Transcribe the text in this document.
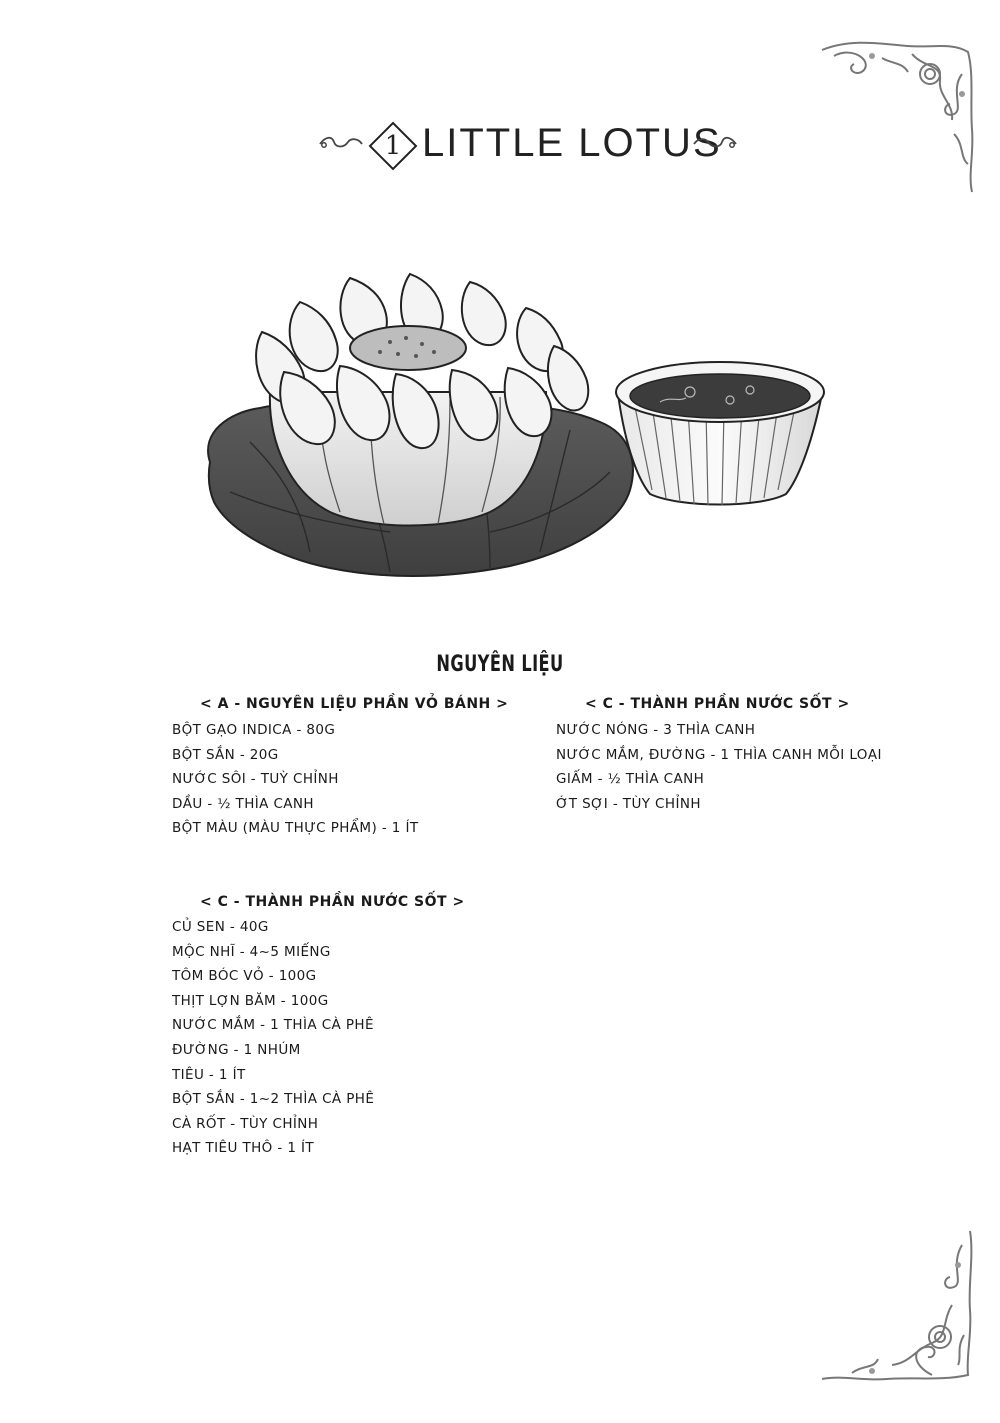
1 LITTLE LOTUS
NGUYÊN LIỆU
< A - NGUYÊN LIỆU PHẦN VỎ BÁNH >
BỘT GẠO INDICA - 80G
BỘT SẮN - 20G
NƯỚC SÔI - TUỲ CHỈNH
DẦU - ½ THÌA CANH
BỘT MÀU (MÀU THỰC PHẨM) - 1 ÍT
< C - THÀNH PHẦN NƯỚC SỐT >
NƯỚC NÓNG - 3 THÌA CANH
NƯỚC MẮM, ĐƯỜNG - 1 THÌA CANH MỖI LOẠI
GIẤM - ½ THÌA CANH
ỚT SỢI - TÙY CHỈNH
< C - THÀNH PHẦN NƯỚC SỐT >
CỦ SEN - 40G
MỘC NHĨ - 4~5 MIẾNG
TÔM BÓC VỎ - 100G
THỊT LỢN BĂM - 100G
NƯỚC MẮM - 1 THÌA CÀ PHÊ
ĐƯỜNG - 1 NHÚM
TIÊU - 1 ÍT
BỘT SẮN - 1~2 THÌA CÀ PHÊ
CÀ RỐT - TÙY CHỈNH
HẠT TIÊU THÔ - 1 ÍT
